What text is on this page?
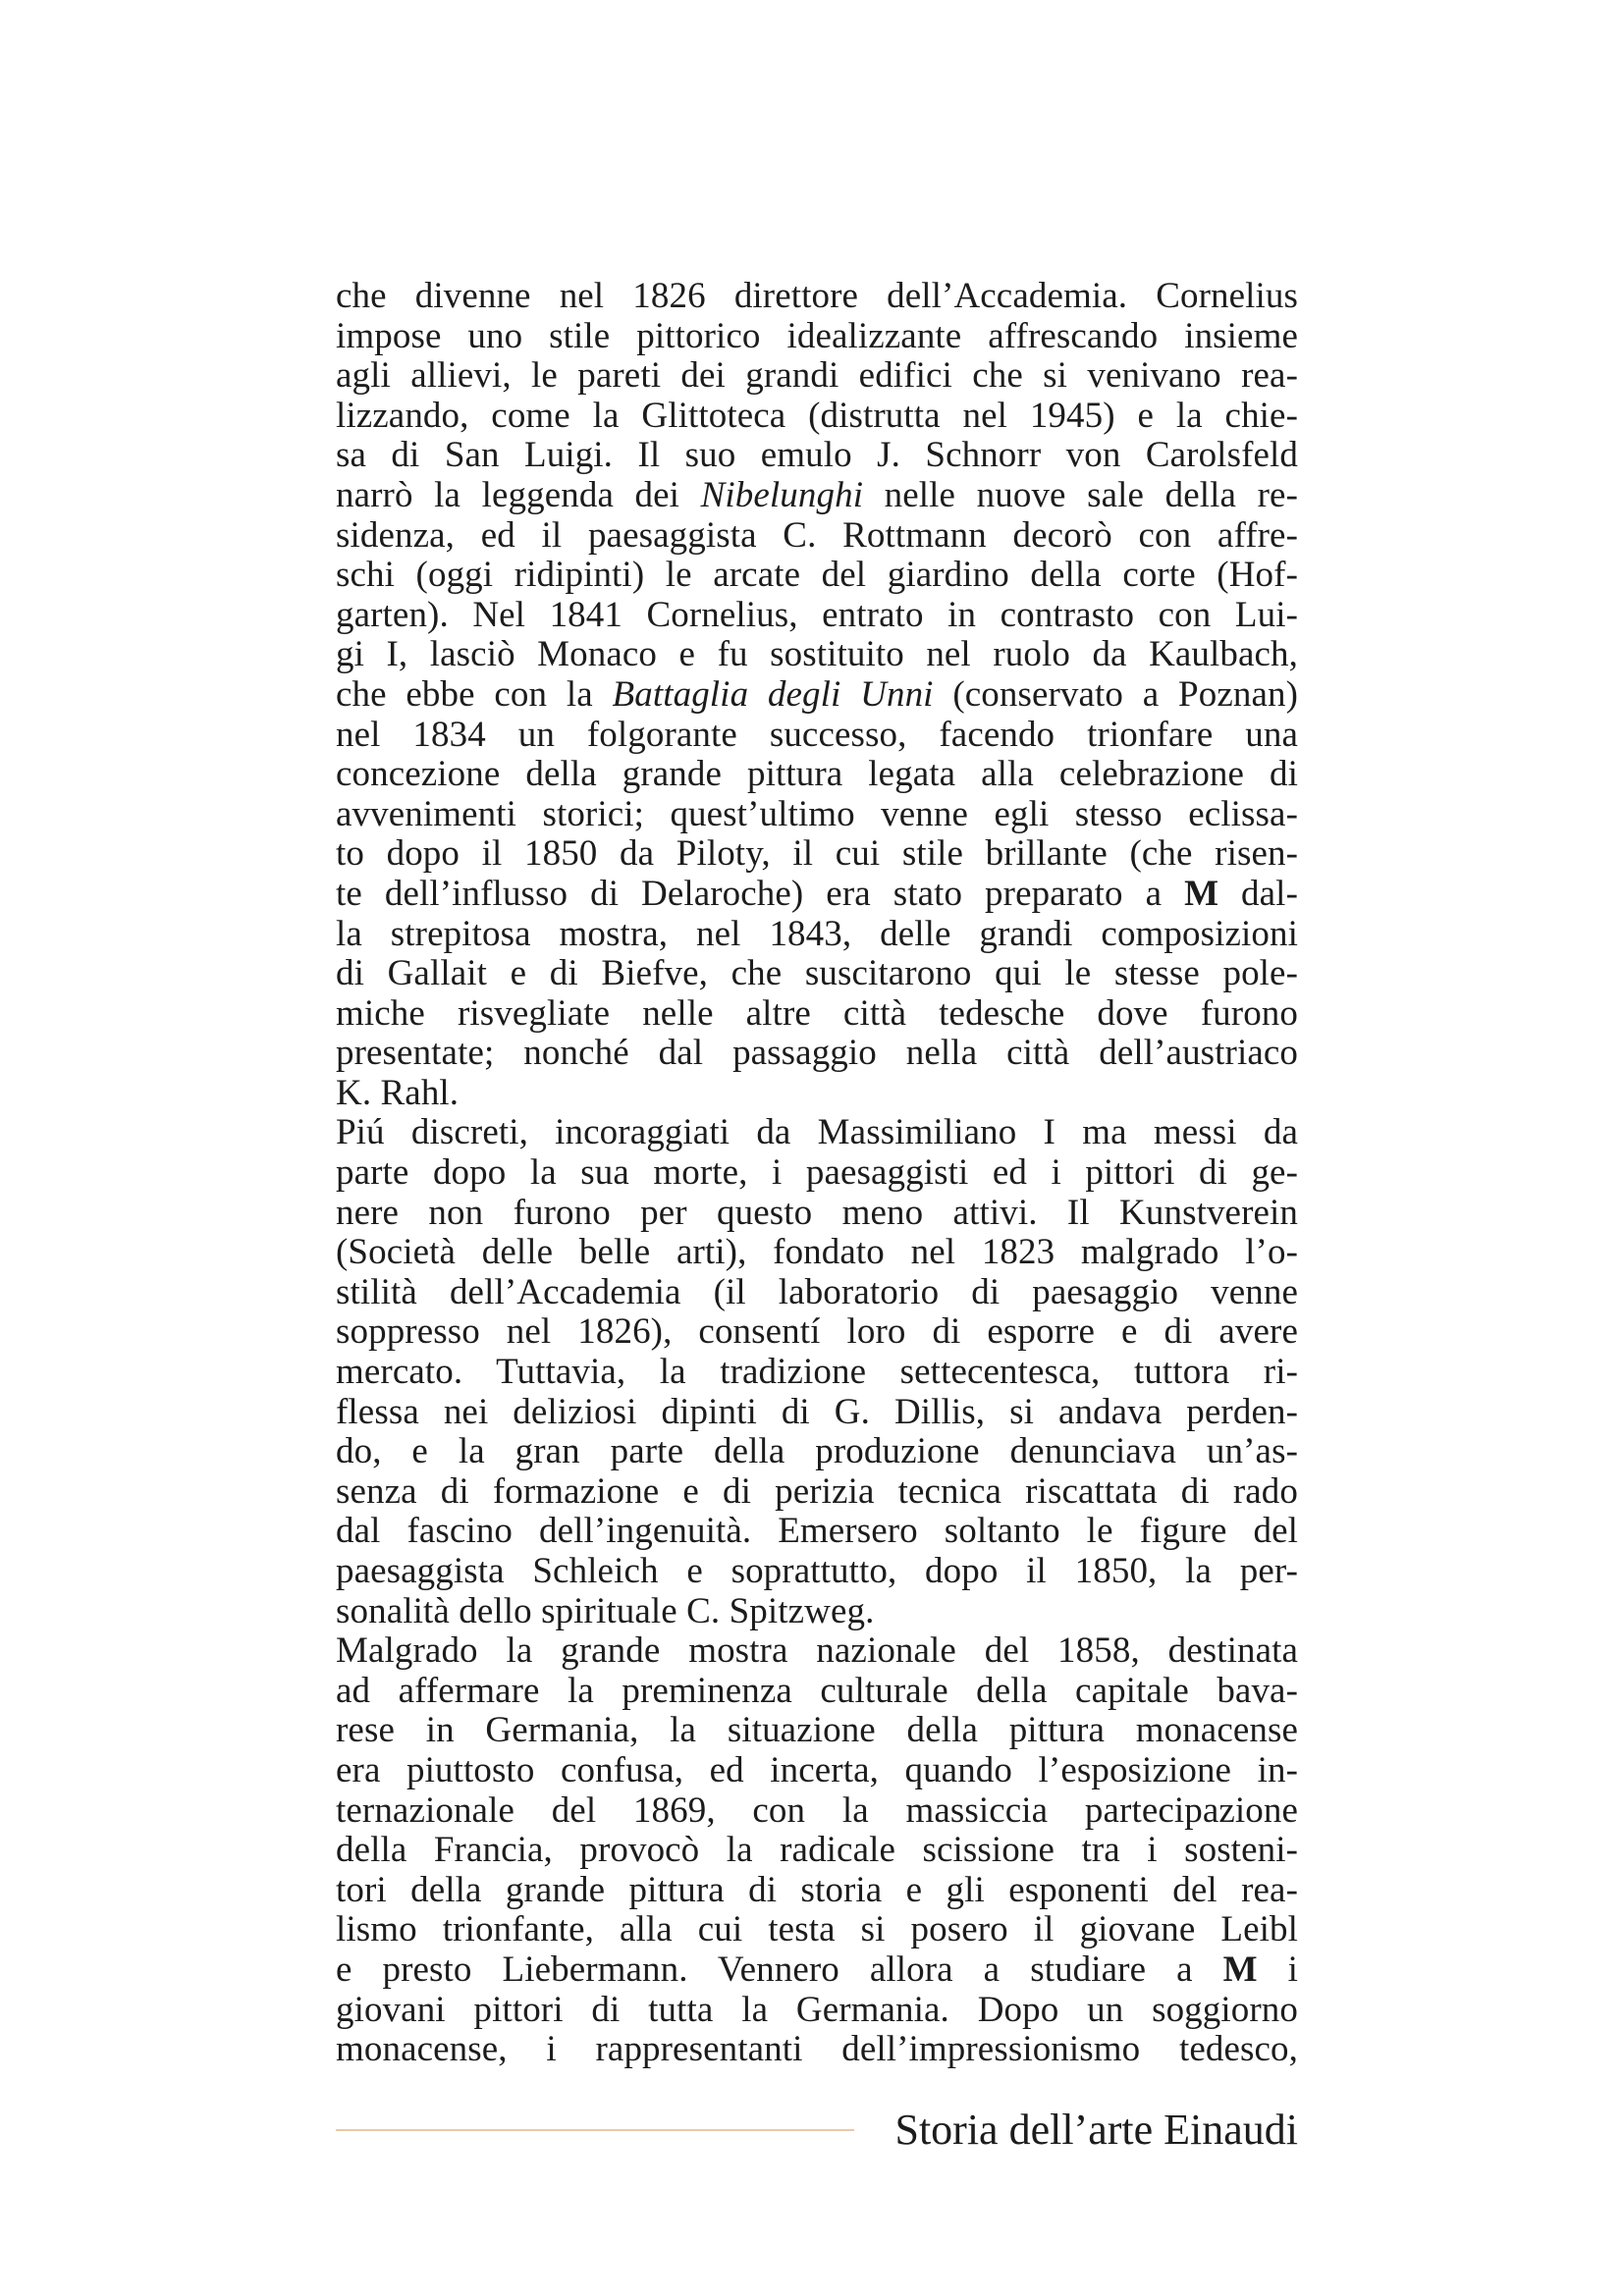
che divenne nel 1826 direttore dell’Accademia. Cornelius
impose uno stile pittorico idealizzante affrescando insieme
agli allievi, le pareti dei grandi edifici che si venivano rea-
lizzando, come la Glittoteca (distrutta nel 1945) e la chie-
sa di San Luigi. Il suo emulo J. Schnorr von Carolsfeld
narrò la leggenda dei Nibelunghi nelle nuove sale della re-
sidenza, ed il paesaggista C. Rottmann decorò con affre-
schi (oggi ridipinti) le arcate del giardino della corte (Hof-
garten). Nel 1841 Cornelius, entrato in contrasto con Lui-
gi I, lasciò Monaco e fu sostituito nel ruolo da Kaulbach,
che ebbe con la Battaglia degli Unni (conservato a Poznan)
nel 1834 un folgorante successo, facendo trionfare una
concezione della grande pittura legata alla celebrazione di
avvenimenti storici; quest’ultimo venne egli stesso eclissa-
to dopo il 1850 da Piloty, il cui stile brillante (che risen-
te dell’influsso di Delaroche) era stato preparato a M dal-
la strepitosa mostra, nel 1843, delle grandi composizioni
di Gallait e di Biefve, che suscitarono qui le stesse pole-
miche risvegliate nelle altre città tedesche dove furono
presentate; nonché dal passaggio nella città dell’austriaco
K. Rahl.
Piú discreti, incoraggiati da Massimiliano I ma messi da
parte dopo la sua morte, i paesaggisti ed i pittori di ge-
nere non furono per questo meno attivi. Il Kunstverein
(Società delle belle arti), fondato nel 1823 malgrado l’o-
stilità dell’Accademia (il laboratorio di paesaggio venne
soppresso nel 1826), consentí loro di esporre e di avere
mercato. Tuttavia, la tradizione settecentesca, tuttora ri-
flessa nei deliziosi dipinti di G. Dillis, si andava perden-
do, e la gran parte della produzione denunciava un’as-
senza di formazione e di perizia tecnica riscattata di rado
dal fascino dell’ingenuità. Emersero soltanto le figure del
paesaggista Schleich e soprattutto, dopo il 1850, la per-
sonalità dello spirituale C. Spitzweg.
Malgrado la grande mostra nazionale del 1858, destinata
ad affermare la preminenza culturale della capitale bava-
rese in Germania, la situazione della pittura monacense
era piuttosto confusa, ed incerta, quando l’esposizione in-
ternazionale del 1869, con la massiccia partecipazione
della Francia, provocò la radicale scissione tra i sosteni-
tori della grande pittura di storia e gli esponenti del rea-
lismo trionfante, alla cui testa si posero il giovane Leibl
e presto Liebermann. Vennero allora a studiare a M i
giovani pittori di tutta la Germania. Dopo un soggiorno
monacense, i rappresentanti dell’impressionismo tedesco,
Storia dell’arte Einaudi
